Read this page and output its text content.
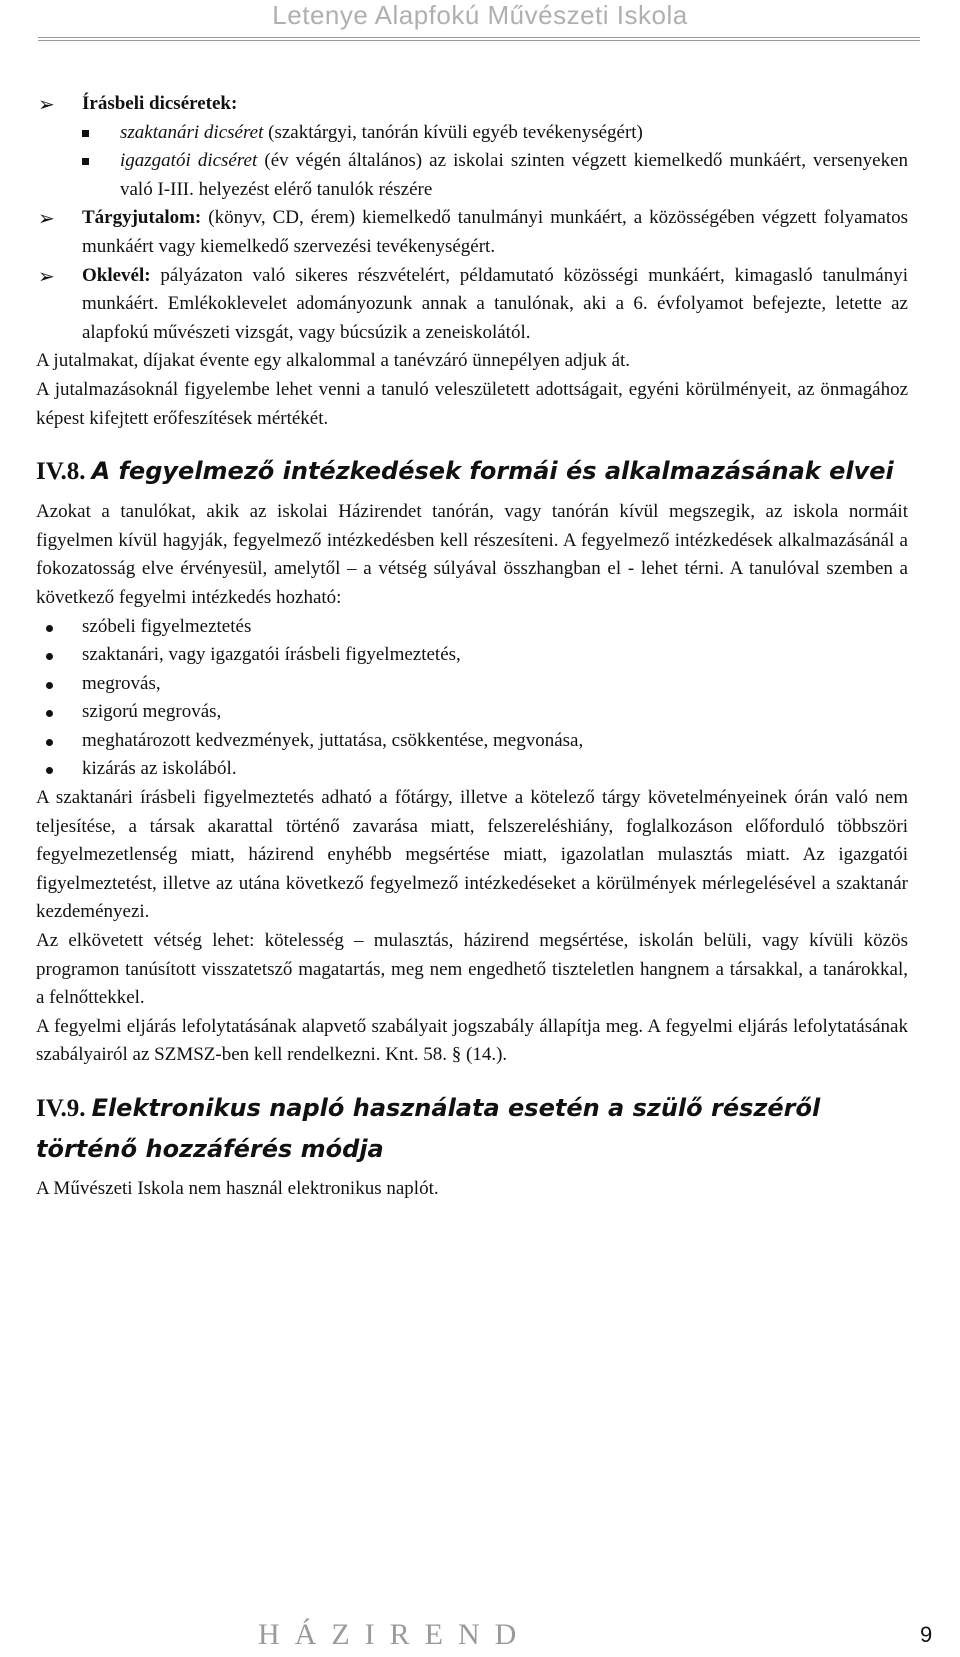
Letenye Alapfokú Művészeti Iskola
➢ Írásbeli dicséretek:
szaktanári dicséret (szaktárgyi, tanórán kívüli egyéb tevékenységért)
igazgatói dicséret (év végén általános) az iskolai szinten végzett kiemelkedő munkáért, versenyeken való I-III. helyezést elérő tanulók részére
➢ Tárgyjutalom: (könyv, CD, érem) kiemelkedő tanulmányi munkáért, a közösségében végzett folyamatos munkáért vagy kiemelkedő szervezési tevékenységért.
➢ Oklevél: pályázaton való sikeres részvételért, példamutató közösségi munkáért, kimagasló tanulmányi munkáért. Emlékoklevelet adományozunk annak a tanulónak, aki a 6. évfolyamot befejezte, letette az alapfokú művészeti vizsgát, vagy búcsúzik a zeneiskolától.
A jutalmakat, díjakat évente egy alkalommal a tanévzáró ünnepélyen adjuk át.
A jutalmazásoknál figyelembe lehet venni a tanuló veleszületett adottságait, egyéni körülményeit, az önmagához képest kifejtett erőfeszítések mértékét.
IV.8. A fegyelmező intézkedések formái és alkalmazásának elvei
Azokat a tanulókat, akik az iskolai Házirendet tanórán, vagy tanórán kívül megszegik, az iskola normáit figyelmen kívül hagyják, fegyelmező intézkedésben kell részesíteni. A fegyelmező intézkedések alkalmazásánál a fokozatosság elve érvényesül, amelytől – a vétség súlyával összhangban el - lehet térni. A tanulóval szemben a következő fegyelmi intézkedés hozható:
szóbeli figyelmeztetés
szaktanári, vagy igazgatói írásbeli figyelmeztetés,
megrovás,
szigorú megrovás,
meghatározott kedvezmények, juttatása, csökkentése, megvonása,
kizárás az iskolából.
A szaktanári írásbeli figyelmeztetés adható a főtárgy, illetve a kötelező tárgy követelményeinek órán való nem teljesítése, a társak akarattal történő zavarása miatt, felszereléshiány, foglalkozáson előforduló többszöri fegyelmezetlenség miatt, házirend enyhébb megsértése miatt, igazolatlan mulasztás miatt. Az igazgatói figyelmeztetést, illetve az utána következő fegyelmező intézkedéseket a körülmények mérlegelésével a szaktanár kezdeményezi.
Az elkövetett vétség lehet: kötelesség – mulasztás, házirend megsértése, iskolán belüli, vagy kívüli közös programon tanúsított visszatetsző magatartás, meg nem engedhető tiszteletlen hangnem a társakkal, a tanárokkal, a felnőttekkel.
A fegyelmi eljárás lefolytatásának alapvető szabályait jogszabály állapítja meg. A fegyelmi eljárás lefolytatásának szabályairól az SZMSZ-ben kell rendelkezni. Knt. 58. § (14.).
IV.9. Elektronikus napló használata esetén a szülő részéről történő hozzáférés módja
A Művészeti Iskola nem használ elektronikus naplót.
HÁZIREND	9
